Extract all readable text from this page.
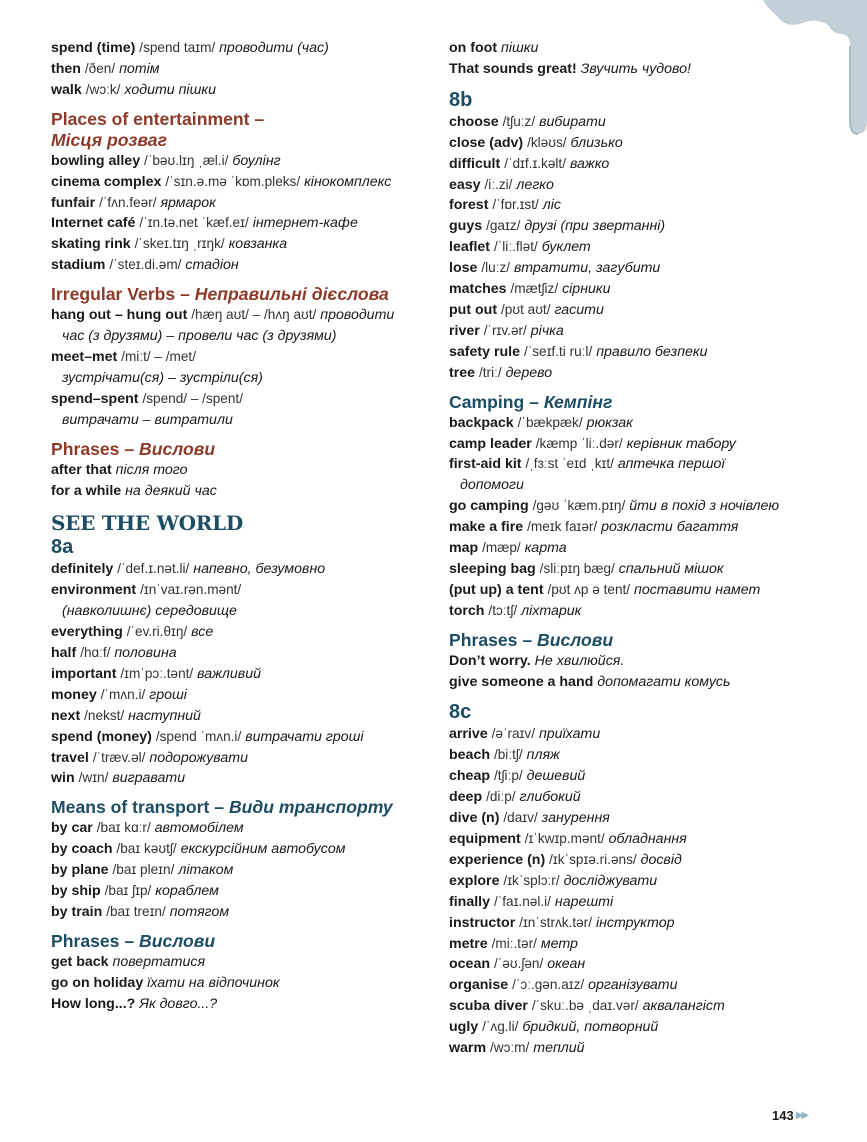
spend (time) /spend taɪm/ проводити (час)
then /ðen/ потім
walk /wɔːk/ ходити пішки
Places of entertainment –
Місця розваг
bowling alley /ˈbəʊ.lɪŋ ˌæl.i/ боулінг
cinema complex /ˈsɪn.ə.mə ˈkɒm.pleks/ кінокомплекс
funfair /ˈfʌn.feər/ ярмарок
Internet café /ˈɪn.tə.net ˈkæf.eɪ/ інтернет-кафе
skating rink /ˈskeɪ.tɪŋ ˌrɪŋk/ ковзанка
stadium /ˈsteɪ.di.əm/ стадіон
Irregular Verbs – Неправильні дієслова
hang out – hung out /hæŋ aʊt/ – /hʌŋ aʊt/ проводити
час (з друзями) – провели час (з друзями)
meet–met /miːt/ – /met/
зустрічати(ся) – зустріли(ся)
spend–spent /spend/ – /spent/
витрачати – витратили
Phrases – Вислови
after that після того
for a while на деякий час
SEE THE WORLD
8a
definitely /ˈdef.ɪ.nət.li/ напевно, безумовно
environment /ɪnˈvaɪ.rən.mənt/
(навколишнє) середовище
everything /ˈev.ri.θɪŋ/ все
half /hɑːf/ половина
important /ɪmˈpɔː.tənt/ важливий
money /ˈmʌn.i/ гроші
next /nekst/ наступний
spend (money) /spend ˈmʌn.i/ витрачати гроші
travel /ˈtræv.əl/ подорожувати
win /wɪn/ вигравати
Means of transport – Види транспорту
by car /baɪ kɑːr/ автомобілем
by coach /baɪ kəʊtʃ/ екскурсійним автобусом
by plane /baɪ pleɪn/ літаком
by ship /baɪ ʃɪp/ кораблем
by train /baɪ treɪn/ потягом
Phrases – Вислови
get back повертатися
go on holiday їхати на відпочинок
How long...? Як довго...?
on foot пішки
That sounds great! Звучить чудово!
8b
choose /tʃuːz/ вибирати
close (adv) /kləʊs/ близько
difficult /ˈdɪf.ɪ.kəlt/ важко
easy /iː.zi/ легко
forest /ˈfɒr.ɪst/ ліс
guys /ɡaɪz/ друзі (при звертанні)
leaflet /ˈliː.flət/ буклет
lose /luːz/ втратити, загубити
matches /mætʃiz/ сірники
put out /pʊt aʊt/ гасити
river /ˈrɪv.ər/ річка
safety rule /ˈseɪf.ti ruːl/ правило безпеки
tree /triː/ дерево
Camping – Кемпінг
backpack /ˈbækpæk/ рюкзак
camp leader /kæmp ˈliː.dər/ керівник табору
first-aid kit /ˌfɜːst ˈeɪd ˌkɪt/ аптечка першої
допомоги
go camping /ɡəʊ ˈkæm.pɪŋ/ йти в похід з ночівлею
make a fire /meɪk faɪər/ розкласти багаття
map /mæp/ карта
sleeping bag /sliːpɪŋ bæɡ/ спальний мішок
(put up) a tent /pʊt ʌp ə tent/ поставити намет
torch /tɔːtʃ/ ліхтарик
Phrases – Вислови
Don’t worry. Не хвилюйся.
give someone a hand допомагати комусь
8c
arrive /əˈraɪv/ приїхати
beach /biːtʃ/ пляж
cheap /tʃiːp/ дешевий
deep /diːp/ глибокий
dive (n) /daɪv/ занурення
equipment /ɪˈkwɪp.mənt/ обладнання
experience (n) /ɪkˈspɪə.ri.əns/ досвід
explore /ɪkˈsplɔːr/ досліджувати
finally /ˈfaɪ.nəl.i/ нарешті
instructor /ɪnˈstrʌk.tər/ інструктор
metre /miː.tər/ метр
ocean /ˈəʊ.ʃən/ океан
organise /ˈɔː.ɡən.aɪz/ організувати
scuba diver /ˈskuː.bə ˌdaɪ.vər/ аквалангіст
ugly /ˈʌɡ.li/ бридкий, потворний
warm /wɔːm/ теплий
143 ▶▶
